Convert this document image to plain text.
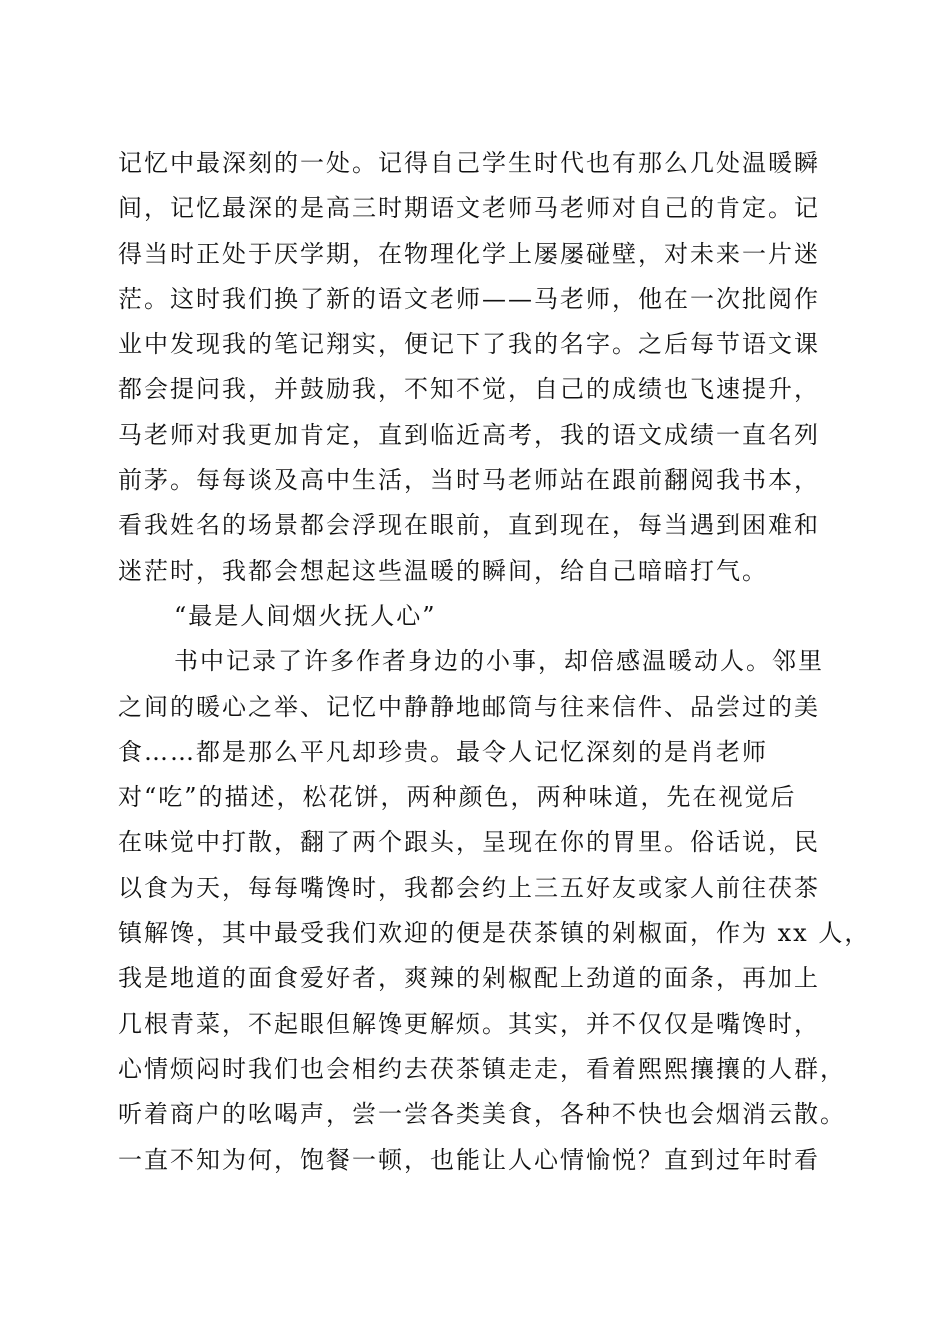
记忆中最深刻的一处。记得自己学生时代也有那么几处温暖瞬
间，记忆最深的是高三时期语文老师马老师对自己的肯定。记
得当时正处于厌学期，在物理化学上屡屡碰壁，对未来一片迷
茫。这时我们换了新的语文老师——马老师，他在一次批阅作
业中发现我的笔记翔实，便记下了我的名字。之后每节语文课
都会提问我，并鼓励我，不知不觉，自己的成绩也飞速提升，
马老师对我更加肯定，直到临近高考，我的语文成绩一直名列
前茅。每每谈及高中生活，当时马老师站在跟前翻阅我书本，
看我姓名的场景都会浮现在眼前，直到现在，每当遇到困难和
迷茫时，我都会想起这些温暖的瞬间，给自己暗暗打气。
“最是人间烟火抚人心”
书中记录了许多作者身边的小事，却倍感温暖动人。邻里
之间的暖心之举、记忆中静静地邮筒与往来信件、品尝过的美
食……都是那么平凡却珍贵。最令人记忆深刻的是肖老师
对“吃”的描述，松花饼，两种颜色，两种味道，先在视觉后
在味觉中打散，翻了两个跟头，呈现在你的胃里。俗话说，民
以食为天，每每嘴馋时，我都会约上三五好友或家人前往茯茶
镇解馋，其中最受我们欢迎的便是茯茶镇的剁椒面，作为 xx 人，
我是地道的面食爱好者，爽辣的剁椒配上劲道的面条，再加上
几根青菜，不起眼但解馋更解烦。其实，并不仅仅是嘴馋时，
心情烦闷时我们也会相约去茯茶镇走走，看着熙熙攘攘的人群，
听着商户的吆喝声，尝一尝各类美食，各种不快也会烟消云散。
一直不知为何，饱餐一顿，也能让人心情愉悦？直到过年时看
